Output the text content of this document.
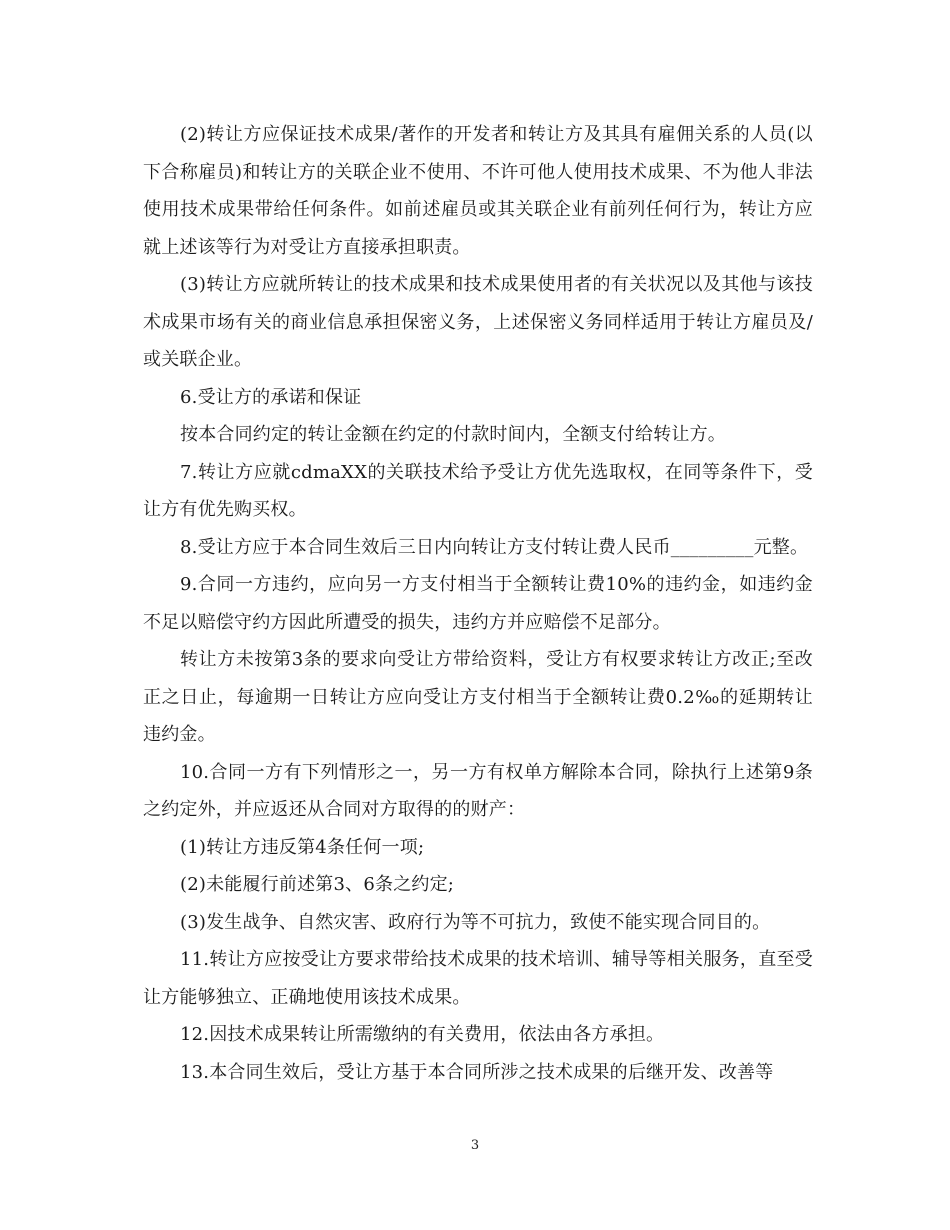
(2)转让方应保证技术成果/著作的开发者和转让方及其具有雇佣关系的人员(以下合称雇员)和转让方的关联企业不使用、不许可他人使用技术成果、不为他人非法使用技术成果带给任何条件。如前述雇员或其关联企业有前列任何行为，转让方应就上述该等行为对受让方直接承担职责。

(3)转让方应就所转让的技术成果和技术成果使用者的有关状况以及其他与该技术成果市场有关的商业信息承担保密义务，上述保密义务同样适用于转让方雇员及/或关联企业。

6.受让方的承诺和保证

按本合同约定的转让金额在约定的付款时间内，全额支付给转让方。

7.转让方应就cdmaXX的关联技术给予受让方优先选取权，在同等条件下，受让方有优先购买权。

8.受让方应于本合同生效后三日内向转让方支付转让费人民币_________元整。

9.合同一方违约，应向另一方支付相当于全额转让费10%的违约金，如违约金不足以赔偿守约方因此所遭受的损失，违约方并应赔偿不足部分。

转让方未按第3条的要求向受让方带给资料，受让方有权要求转让方改正;至改正之日止，每逾期一日转让方应向受让方支付相当于全额转让费0.2‰的延期转让违约金。

10.合同一方有下列情形之一，另一方有权单方解除本合同，除执行上述第9条之约定外，并应返还从合同对方取得的的财产：

(1)转让方违反第4条任何一项;

(2)未能履行前述第3、6条之约定;

(3)发生战争、自然灾害、政府行为等不可抗力，致使不能实现合同目的。

11.转让方应按受让方要求带给技术成果的技术培训、辅导等相关服务，直至受让方能够独立、正确地使用该技术成果。

12.因技术成果转让所需缴纳的有关费用，依法由各方承担。

13.本合同生效后，受让方基于本合同所涉之技术成果的后继开发、改善等

3
